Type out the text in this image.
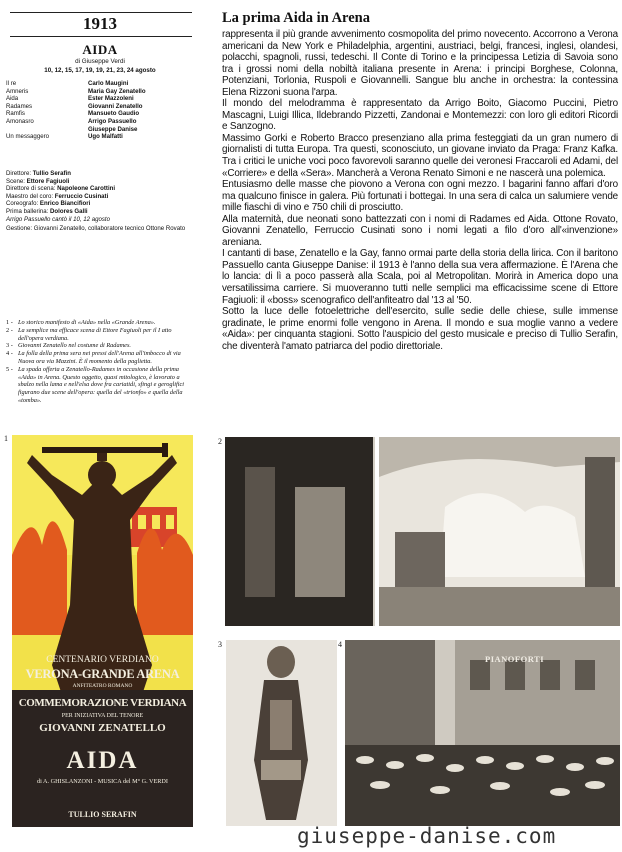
1913
AIDA
di Giuseppe Verdi
10, 12, 15, 17, 19, 19, 21, 23, 24 agosto
Il re	Carlo Maugini
Amneris	Maria Gay Zenatello
Aida	Ester Mazzoleni
Radames	Giovanni Zenatello
Ramfis	Mansueto Gaudio
Amonasro	Arrigo Passuello
Giuseppe Danise
Un messaggero	Ugo Malfatti
Direttore: Tullio Serafin
Scene: Ettore Fagiuoli
Direttore di scena: Napoleone Carottini
Maestro del coro: Ferruccio Cusinati
Coreografo: Enrico Biancifiori
Prima ballerina: Dolores Galli
Arrigo Passuello cantò il 10, 12 agosto
Gestione: Giovanni Zenatello, collaboratore tecnico Ottone Rovato
1 - Lo storico manifesto di «Aida» nella «Grande Arena».
2 - La semplice ma efficace scena di Ettore Fagiuoli per il I atto dell'opera verdiana.
3 - Giovanni Zenatello nel costume di Radames.
4 - La folla della prima sera nei pressi dell'Arena all'imbocco di via Nuova ora via Mazzini. È il momento della paglietta.
5 - La spada offerta a Zenatello-Radames in occasione della prima «Aida» in Arena. Questo oggetto, quasi mitologico, è lavorato a sbalzo nella lama e nell'elsa dove fra cariatidi, sfingi e geroglifici figurano due scene dell'opera: quella del «trionfo» e quella della «tomba».
La prima Aida in Arena

rappresenta il più grande avvenimento cosmopolita del primo novecento. Accorrono a Verona americani da New York e Philadelphia, argentini, austriaci, belgi, francesi, inglesi, olandesi, polacchi, spagnoli, russi, tedeschi. Il Conte di Torino e la principessa Letizia di Savoia sono tra i grossi nomi della nobiltà italiana presente in Arena: i principi Borghese, Colonna, Potenziani, Torlonia, Ruspoli e Giovannelli. Sangue blu anche in orchestra: la contessina Elena Rizzoni suona l'arpa.

Il mondo del melodramma è rappresentato da Arrigo Boito, Giacomo Puccini, Pietro Mascagni, Luigi Illica, Ildebrando Pizzetti, Zandonai e Montemezzi: con loro gli editori Ricordi e Sanzogno.

Massimo Gorki e Roberto Bracco presenziano alla prima festeggiati da un gran numero di giornalisti di tutta Europa. Tra questi, sconosciuto, un giovane inviato da Praga: Franz Kafka. Tra i critici le uniche voci poco favorevoli saranno quelle dei veronesi Fraccaroli ed Adami, del «Corriere» e della «Sera». Mancherà a Verona Renato Simoni e ne nascerà una polemica.

Entusiasmo delle masse che piovono a Verona con ogni mezzo. I bagarini fanno affari d'oro ma qualcuno finisce in galera. Più fortunati i bottegai. In una sera di calca un salumiere vende mille fiaschi di vino e 750 chili di prosciutto.

Alla maternità, due neonati sono battezzati con i nomi di Radames ed Aida. Ottone Rovato, Giovanni Zenatello, Ferruccio Cusinati sono i nomi legati a filo d'oro all'«invenzione» areniana.

I cantanti di base, Zenatello e la Gay, fanno ormai parte della storia della lirica. Con il baritono Passuello canta Giuseppe Danise: il 1913 è l'anno della sua vera affermazione. È l'Arena che lo lancia: di lì a poco passerà alla Scala, poi al Metropolitan. Morirà in America dopo una versatilissima carriere. Si muoveranno tutti nelle semplici ma efficacissime scene di Ettore Fagiuoli: il «boss» scenografico dell'anfiteatro dal '13 al '50.

Sotto la luce delle fotoelettriche dell'esercito, sulle sedie delle chiese, sulle immense gradinate, le prime enormi folle vengono in Arena. Il mondo e sua moglie vanno a vedere «Aida»: per cinquanta stagioni. Sotto l'auspicio del gesto musicale e preciso di Tullio Serafin, che diventerà l'amato patriarca del podio direttoriale.

1	2
3	4
CENTENARIO VERDIANO
VERONA-GRANDE ARENA
ANFITEATRO ROMANO
COMMEMORAZIONE VERDIANA
PER INIZIATIVA DEL TENORE
GIOVANNI ZENATELLO
AIDA
di A. GHISLANZONI - MUSICA del M° G. VERDI
TULLIO SERAFIN
PIANOFORTI
giuseppe-danise.com
